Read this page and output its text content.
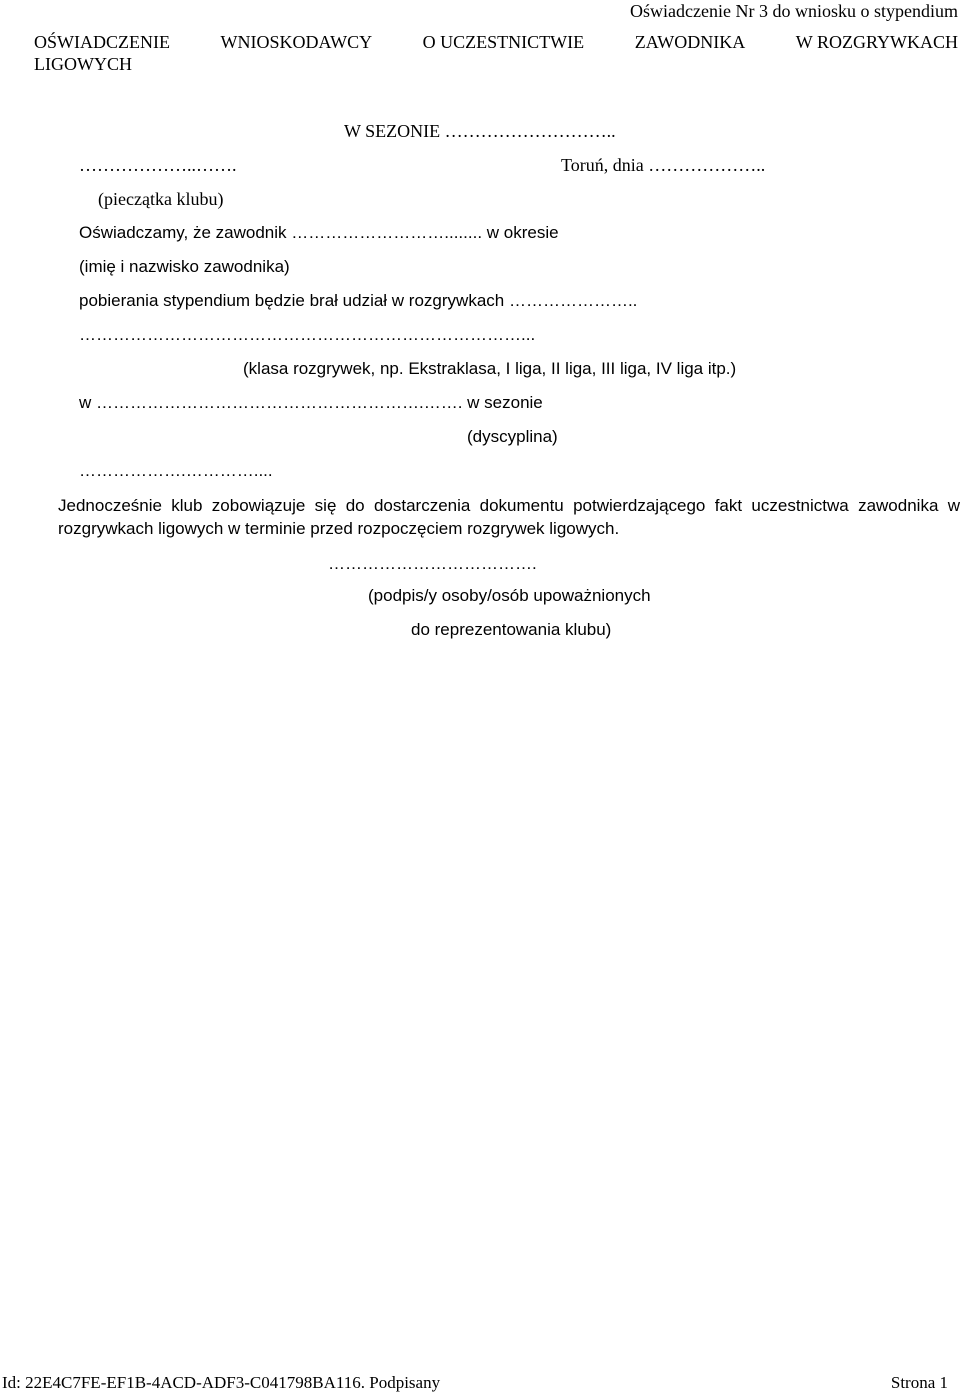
Oświadczenie Nr 3 do wniosku o stypendium
OŚWIADCZENIE	WNIOSKODAWCY	O UCZESTNICTWIE	ZAWODNIKA	W ROZGRYWKACH
LIGOWYCH
W SEZONIE ………………………..
………………..…….	Toruń, dnia ………………..
(pieczątka klubu)
Oświadczamy, że zawodnik ………………………........ w okresie
(imię i nazwisko zawodnika)
pobierania stypendium będzie brał udział w rozgrywkach …………………..
……………………………………………………………………...
(klasa rozgrywek, np. Ekstraklasa, I liga, II liga, III liga, IV liga itp.)
w ………………………………………………….……. w sezonie
(dyscyplina)
……………….…………....
Jednocześnie klub zobowiązuje się do dostarczenia dokumentu potwierdzającego fakt uczestnictwa zawodnika w rozgrywkach ligowych w terminie przed rozpoczęciem rozgrywek ligowych.
……………………………….
(podpis/y osoby/osób upoważnionych
do reprezentowania klubu)
Id: 22E4C7FE-EF1B-4ACD-ADF3-C041798BA116. Podpisany	Strona 1
